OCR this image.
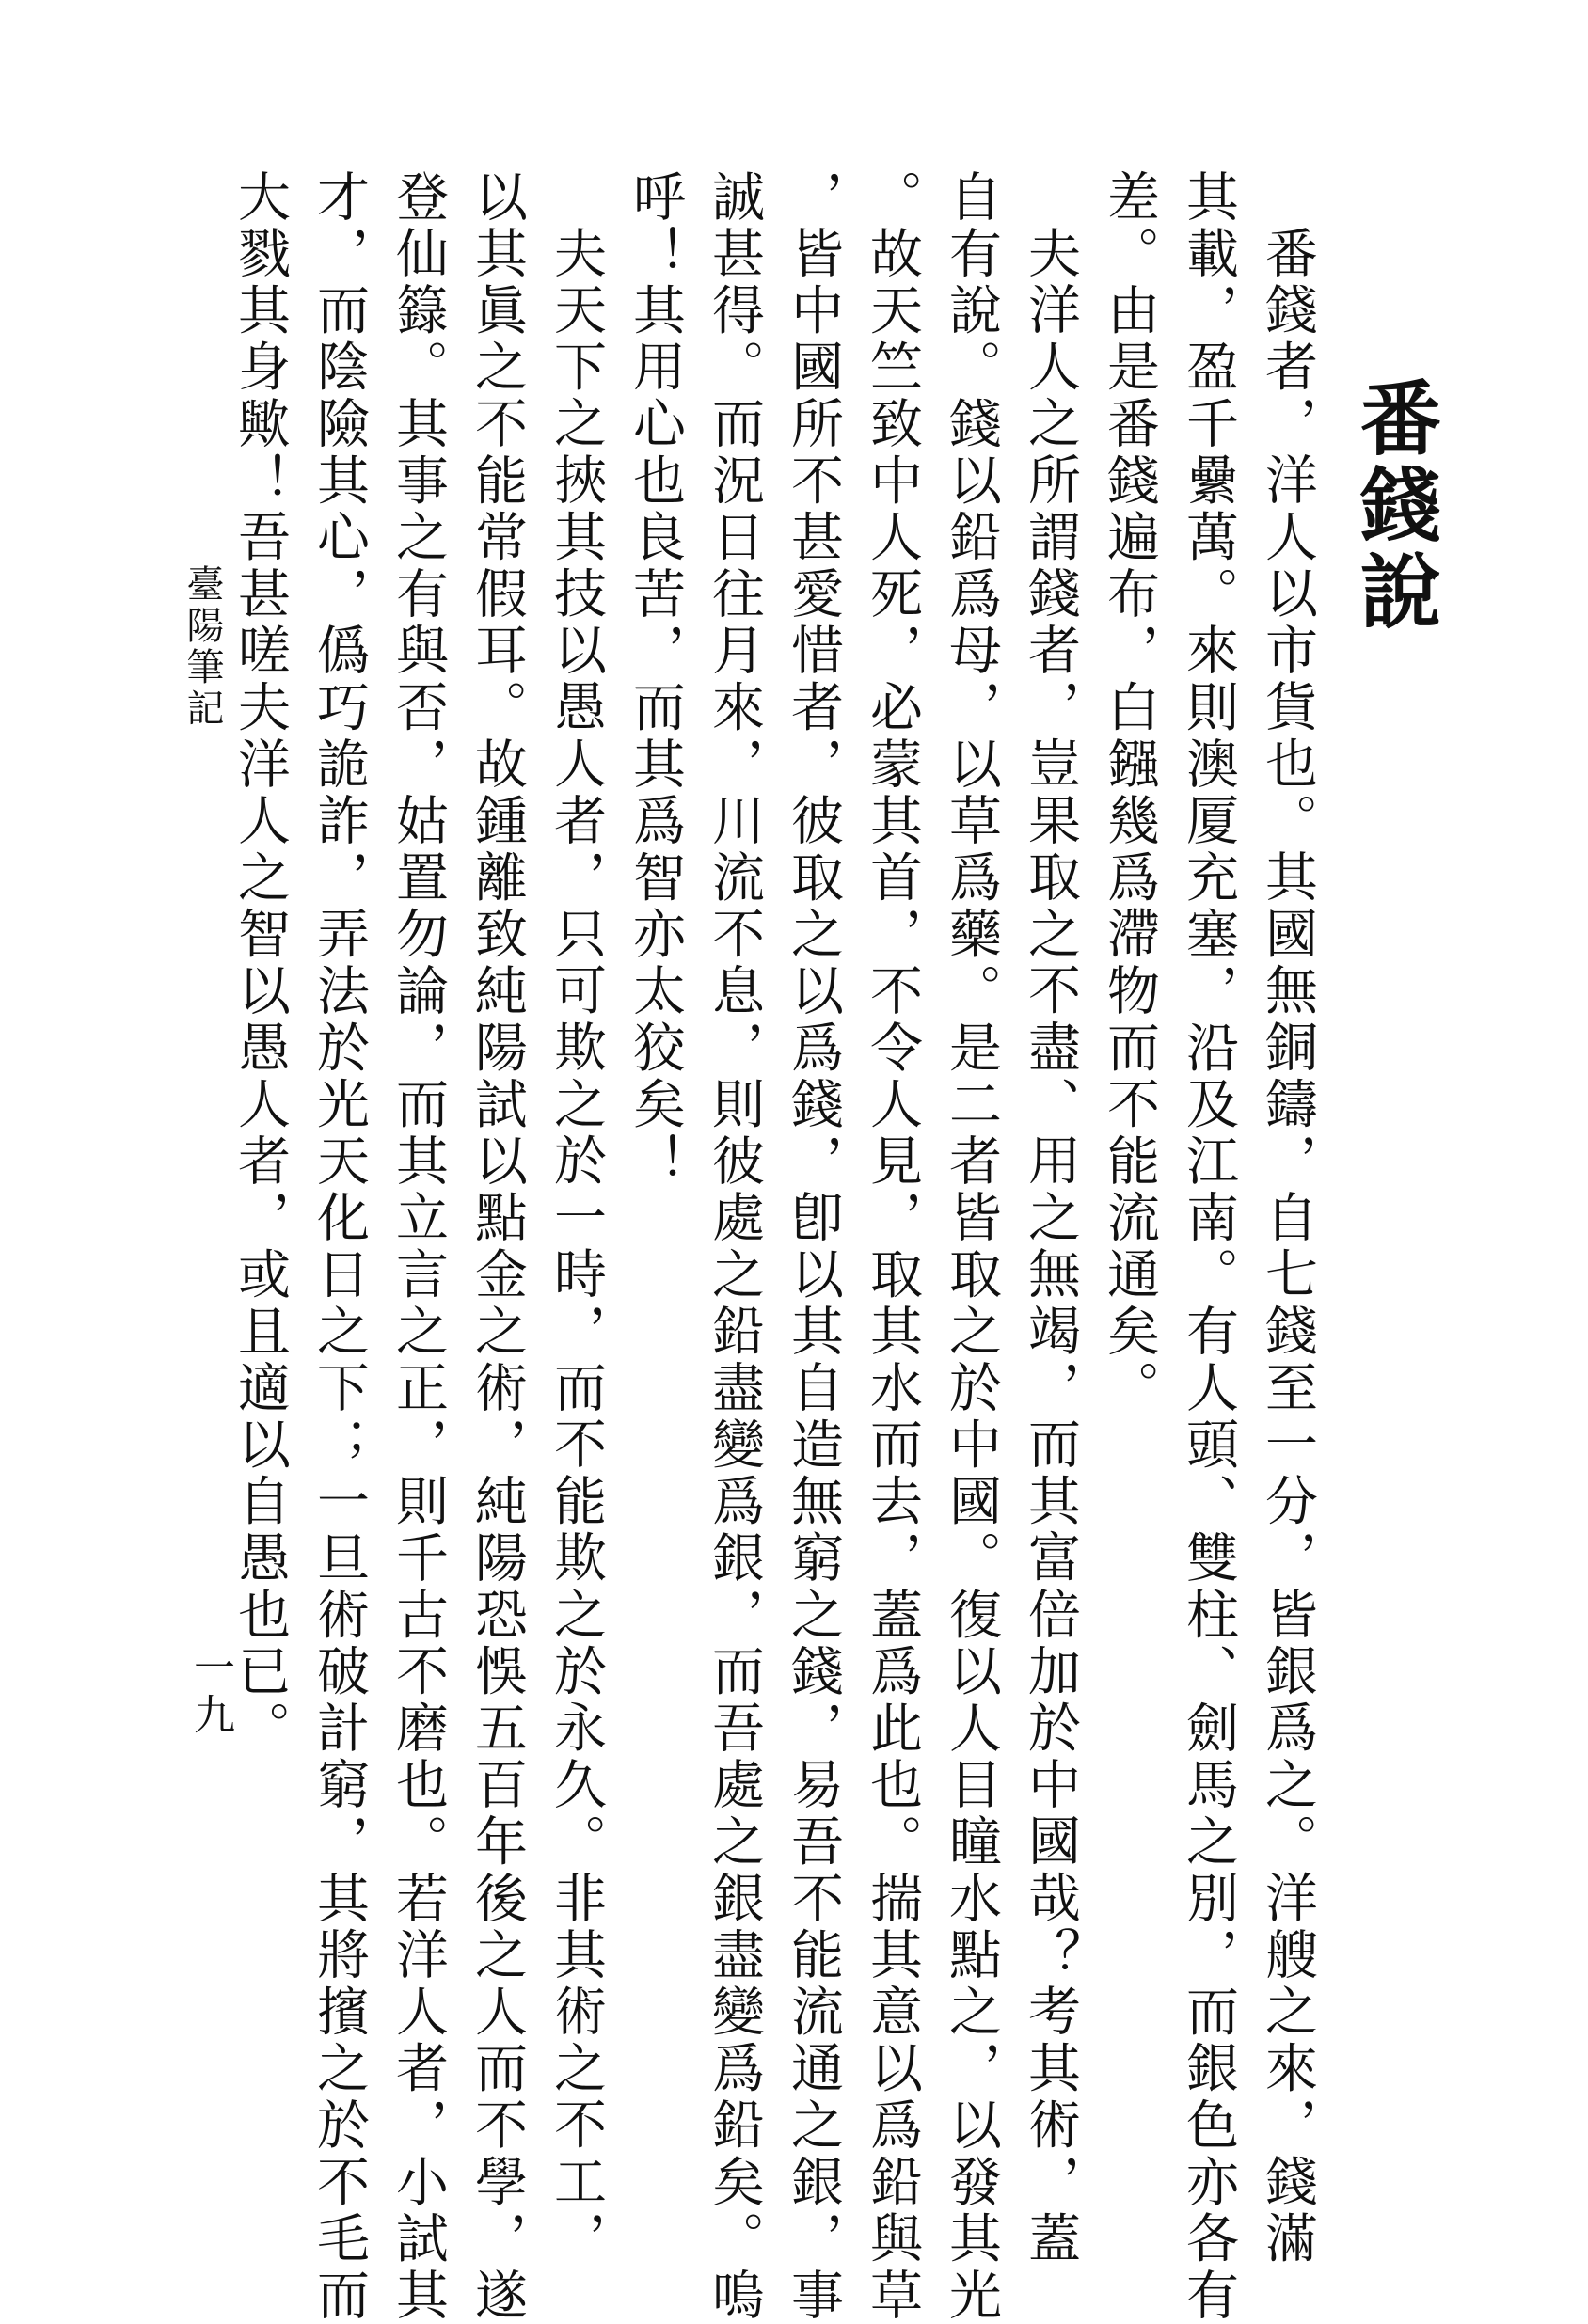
番錢說
番錢者，洋人以市貨也。其國無銅鑄，自七錢至一分，皆銀爲之。洋艘之來，錢滿
其載，盈千纍萬。來則澳厦充塞，沿及江南。有人頭、雙柱、劍馬之別，而銀色亦各有
差。由是番錢遍布，白鏹幾爲滯物而不能流通矣。
夫洋人之所謂錢者，豈果取之不盡、用之無竭，而其富倍加於中國哉？考其術，蓋
自有說。錢以鉛爲母，以草爲藥。是二者皆取之於中國。復以人目瞳水點之，以發其光
。故天竺致中人死，必蒙其首，不令人見，取其水而去，蓋爲此也。揣其意以爲鉛與草
，皆中國所不甚愛惜者，彼取之以爲錢，卽以其自造無窮之錢，易吾不能流通之銀，事
誠甚得。而況日往月來，川流不息，則彼處之鉛盡變爲銀，而吾處之銀盡變爲鉛矣。嗚
呼！其用心也良苦，而其爲智亦太狡矣！
夫天下之挾其技以愚人者，只可欺之於一時，而不能欺之於永久。非其術之不工，
以其眞之不能常假耳。故鍾離致純陽試以點金之術，純陽恐悞五百年後之人而不學，遂
登仙籙。其事之有與否，姑置勿論，而其立言之正，則千古不磨也。若洋人者，小試其
才，而陰險其心，僞巧詭詐，弄法於光天化日之下；一旦術破計窮，其將擯之於不毛而
大戮其身歟！吾甚嗟夫洋人之智以愚人者，或且適以自愚也已。
臺陽筆記
一九
